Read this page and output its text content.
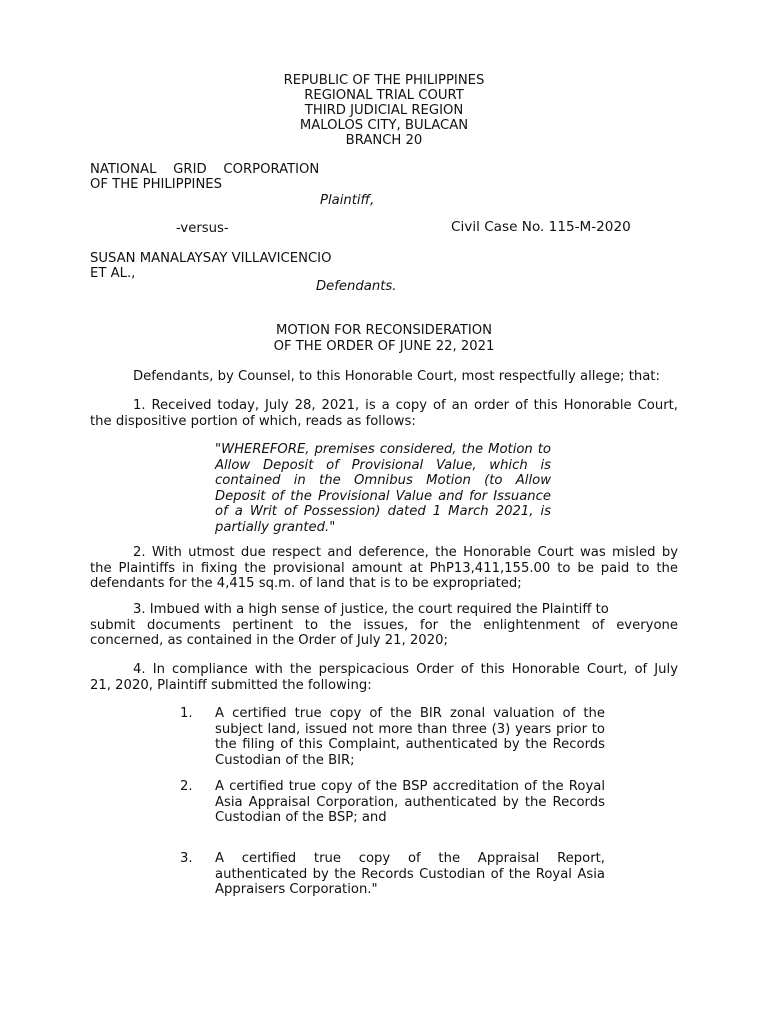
REPUBLIC OF THE PHILIPPINES
REGIONAL TRIAL COURT
THIRD JUDICIAL REGION
MALOLOS CITY, BULACAN
BRANCH 20
NATIONAL    GRID    CORPORATION
OF THE PHILIPPINES
Plaintiff,
-versus-	Civil Case No. 115-M-2020
SUSAN MANALAYSAY VILLAVICENCIO
ET AL.,
Defendants.
MOTION FOR RECONSIDERATION
OF THE ORDER OF JUNE 22, 2021
Defendants, by Counsel, to this Honorable Court, most respectfully allege; that:
1. Received today, July 28, 2021, is a copy of an order of this Honorable Court,
the dispositive portion of which, reads as follows:
"WHEREFORE, premises considered, the Motion to
Allow Deposit of Provisional Value, which is
contained in the Omnibus Motion (to Allow
Deposit of the Provisional Value and for Issuance
of a Writ of Possession) dated 1 March 2021, is
partially granted."
2. With utmost due respect and deference, the Honorable Court was misled by
the Plaintiffs in fixing the provisional amount at PhP13,411,155.00 to be paid to the
defendants for the 4,415 sq.m. of land that is to be expropriated;
3. Imbued with a high sense of justice, the court required the Plaintiff to
submit documents pertinent to the issues, for the enlightenment of everyone
concerned, as contained in the Order of July 21, 2020;
4. In compliance with the perspicacious Order of this Honorable Court, of July
21, 2020, Plaintiff submitted the following:
1. A certified true copy of the BIR zonal valuation of the
subject land, issued not more than three (3) years prior to
the filing of this Complaint, authenticated by the Records
Custodian of the BIR;
2. A certified true copy of the BSP accreditation of the Royal
Asia Appraisal Corporation, authenticated by the Records
Custodian of the BSP; and
3. A   certified   true   copy   of   the   Appraisal   Report,
authenticated by the Records Custodian of the Royal Asia
Appraisers Corporation."
